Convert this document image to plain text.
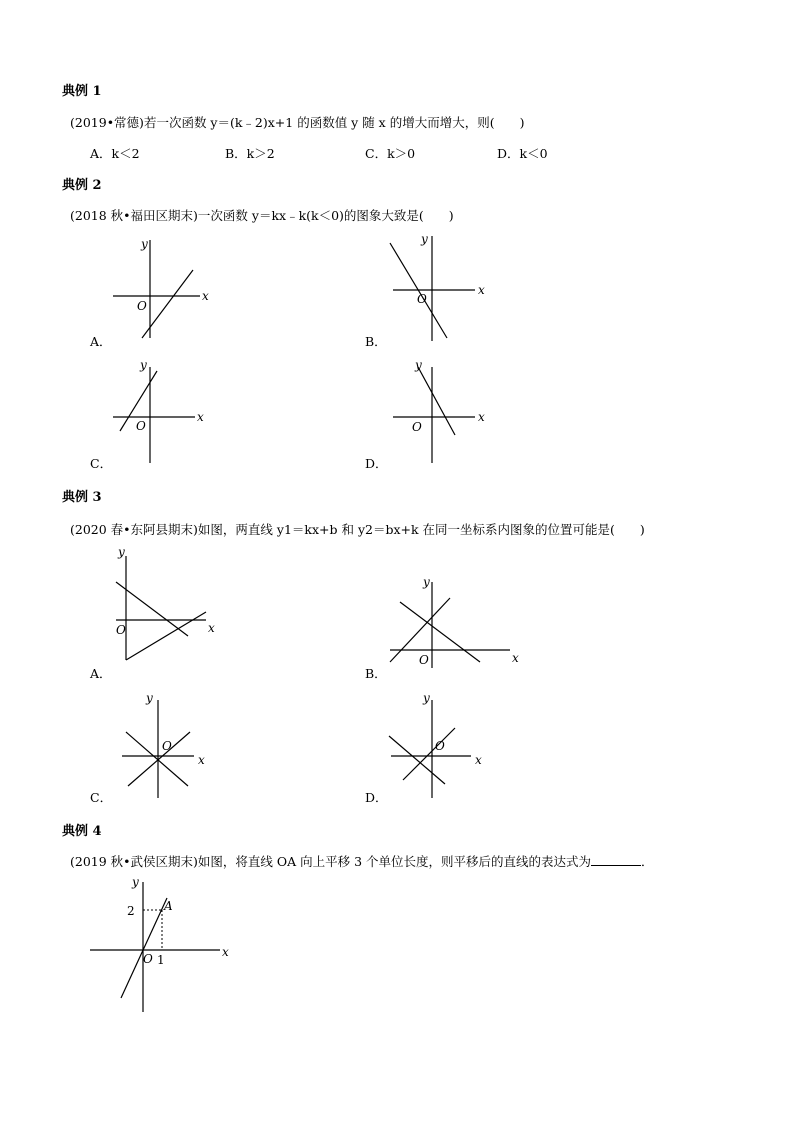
典例 1
(2019•常德)若一次函数 y＝(k﹣2)x+1 的函数值 y 随 x 的增大而增大，则(　　)
A．k＜2	B．k＞2	C．k＞0	D．k＜0
典例 2
(2018 秋•福田区期末)一次函数 y＝kx﹣k(k＜0)的图象大致是(　　)
y
x
O
A．
y
x
O
B．
y
x
O
C．
y
x
O
D．
典例 3
(2020 春•东阿县期末)如图，两直线 y1＝kx+b 和 y2＝bx+k 在同一坐标系内图象的位置可能是(　　)
y
x
O
A．
y
x
O
B．
y
x
O
C．
y
x
O
D．
典例 4
(2019 秋•武侯区期末)如图，将直线 OA 向上平移 3 个单位长度，则平移后的直线的表达式为	．
y
x
O
2
1
A
